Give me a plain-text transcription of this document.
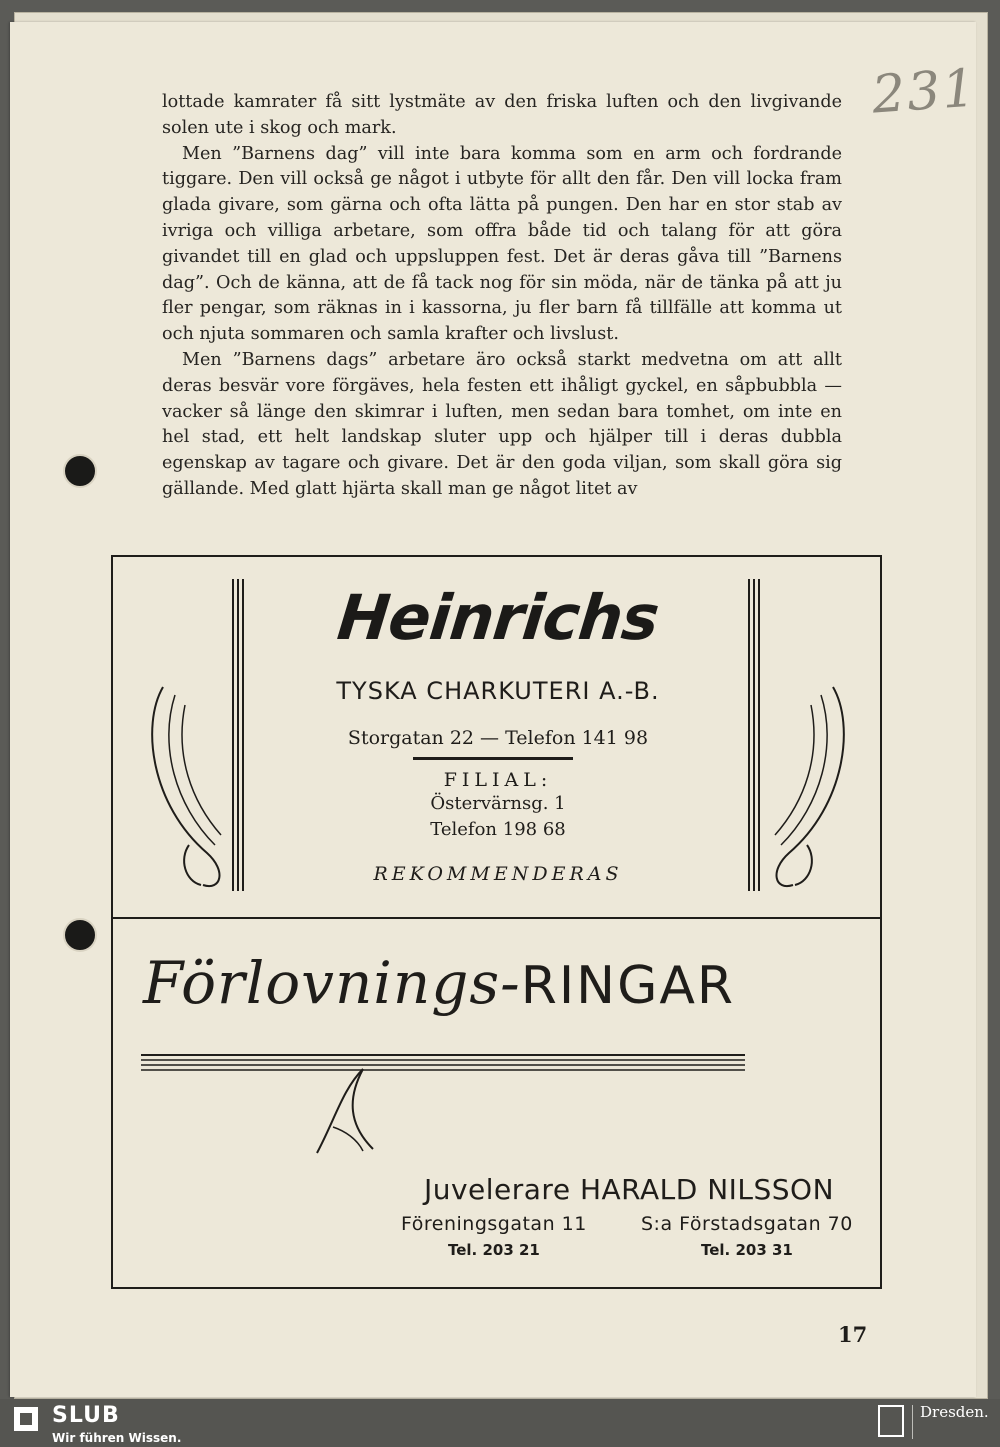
231

lottade kamrater få sitt lystmäte av den friska luften och den livgivande solen ute i skog och mark.

Men ”Barnens dag” vill inte bara komma som en arm och fordrande tiggare. Den vill också ge något i utbyte för allt den får. Den vill locka fram glada givare, som gärna och ofta lätta på pungen. Den har en stor stab av ivriga och villiga arbetare, som offra både tid och talang för att göra givandet till en glad och uppsluppen fest. Det är deras gåva till ”Barnens dag”. Och de känna, att de få tack nog för sin möda, när de tänka på att ju fler pengar, som räknas in i kassorna, ju fler barn få tillfälle att komma ut och njuta sommaren och samla krafter och livslust.

Men ”Barnens dags” arbetare äro också starkt medvetna om att allt deras besvär vore förgäves, hela festen ett ihåligt gyckel, en såpbubbla — vacker så länge den skimrar i luften, men sedan bara tomhet, om inte en hel stad, ett helt landskap sluter upp och hjälper till i deras dubbla egenskap av tagare och givare. Det är den goda viljan, som skall göra sig gällande. Med glatt hjärta skall man ge något litet av

Heinrichs
TYSKA CHARKUTERI A.-B.
Storgatan 22 — Telefon 141 98
FILIAL:
Östervärnsg. 1
Telefon 198 68
REKOMMENDERAS
Förlovnings-RINGAR
Juvelerare HARALD NILSSON
Föreningsgatan 11
Tel. 203 21
S:a Förstadsgatan 70
Tel. 203 31
17
SLUB
Wir führen Wissen.
Dresden.
